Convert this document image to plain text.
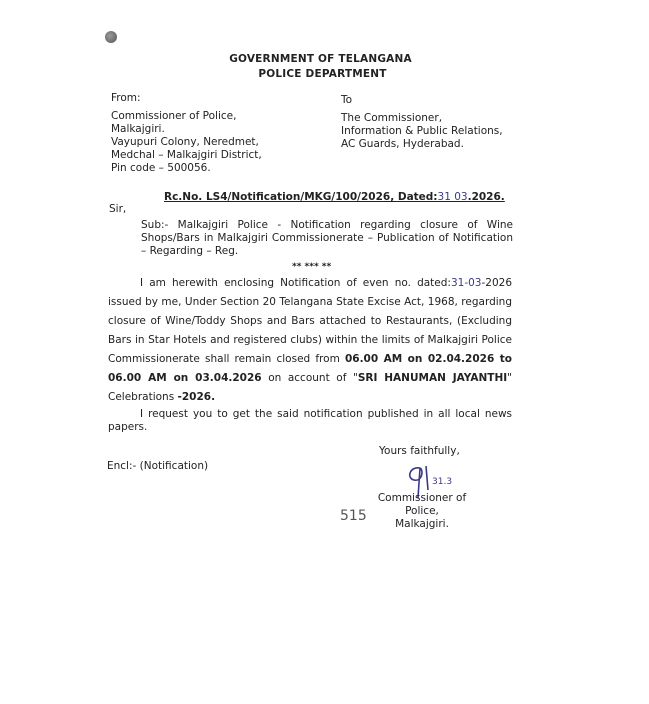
GOVERNMENT OF TELANGANA
POLICE DEPARTMENT
From:
Commissioner of Police,
Malkajgiri.
Vayupuri Colony, Neredmet,
Medchal – Malkajgiri District,
Pin code – 500056.
To
The Commissioner,
Information & Public Relations,
AC Guards, Hyderabad.
Rc.No. LS4/Notification/MKG/100/2026, Dated:31 03.2026.
Sir,
Sub:- Malkajgiri Police - Notification regarding closure of Wine Shops/Bars in Malkajgiri Commissionerate – Publication of Notification – Regarding – Reg.
** *** **
I am herewith enclosing Notification of even no. dated:31-03-2026 issued by me, Under Section 20 Telangana State Excise Act, 1968, regarding closure of Wine/Toddy Shops and Bars attached to Restaurants, (Excluding Bars in Star Hotels and registered clubs) within the limits of Malkajgiri Police Commissionerate shall remain closed from 06.00 AM on 02.04.2026 to 06.00 AM on 03.04.2026 on account of "SRI HANUMAN JAYANTHI" Celebrations -2026.
I request you to get the said notification published in all local news papers.
Yours faithfully,
Encl:- (Notification)
31.3
Commissioner of Police,
Malkajgiri.
515
